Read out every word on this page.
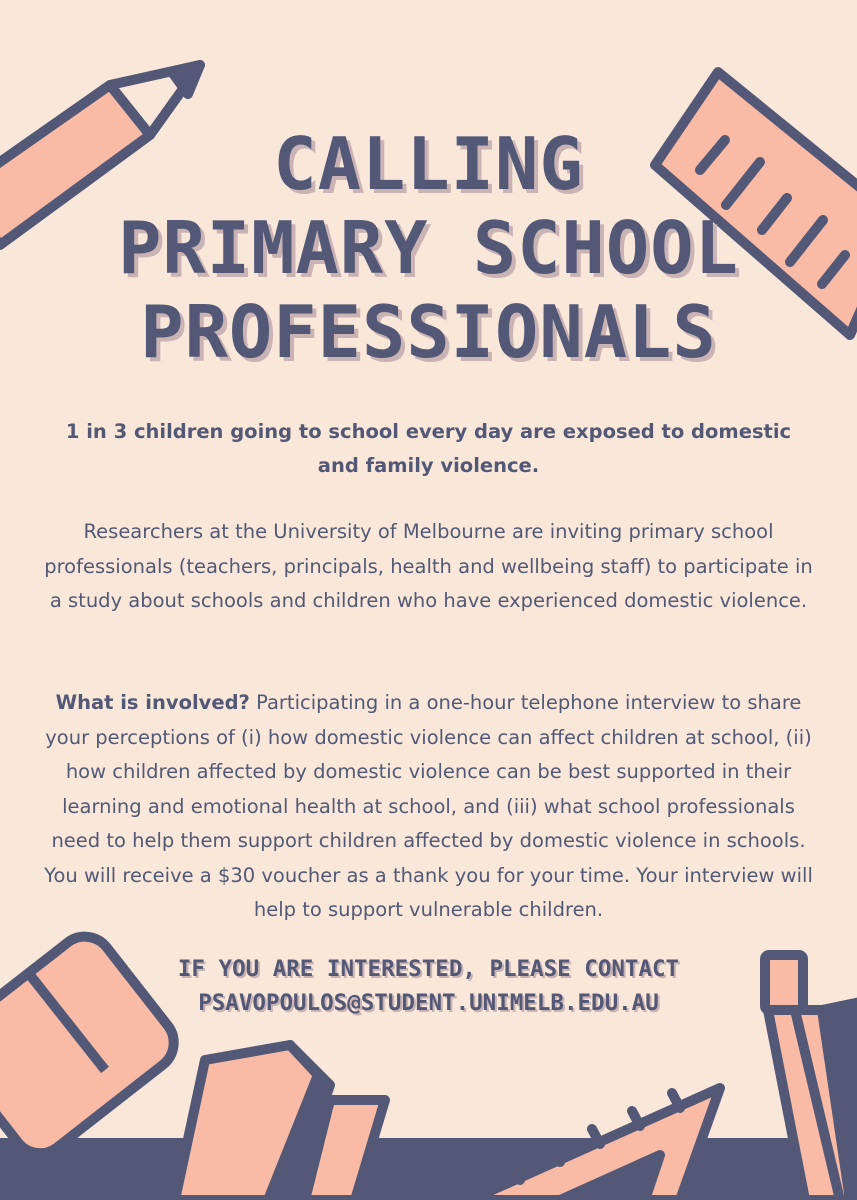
CALLING
PRIMARY SCHOOL
PROFESSIONALS

1 in 3 children going to school every day are exposed to domestic and family violence.

Researchers at the University of Melbourne are inviting primary school professionals (teachers, principals, health and wellbeing staff) to participate in a study about schools and children who have experienced domestic violence.

What is involved? Participating in a one-hour telephone interview to share your perceptions of (i) how domestic violence can affect children at school, (ii) how children affected by domestic violence can be best supported in their learning and emotional health at school, and (iii) what school professionals need to help them support children affected by domestic violence in schools. You will receive a $30 voucher as a thank you for your time. Your interview will help to support vulnerable children.

IF YOU ARE INTERESTED, PLEASE CONTACT
PSAVOPOULOS@STUDENT.UNIMELB.EDU.AU
